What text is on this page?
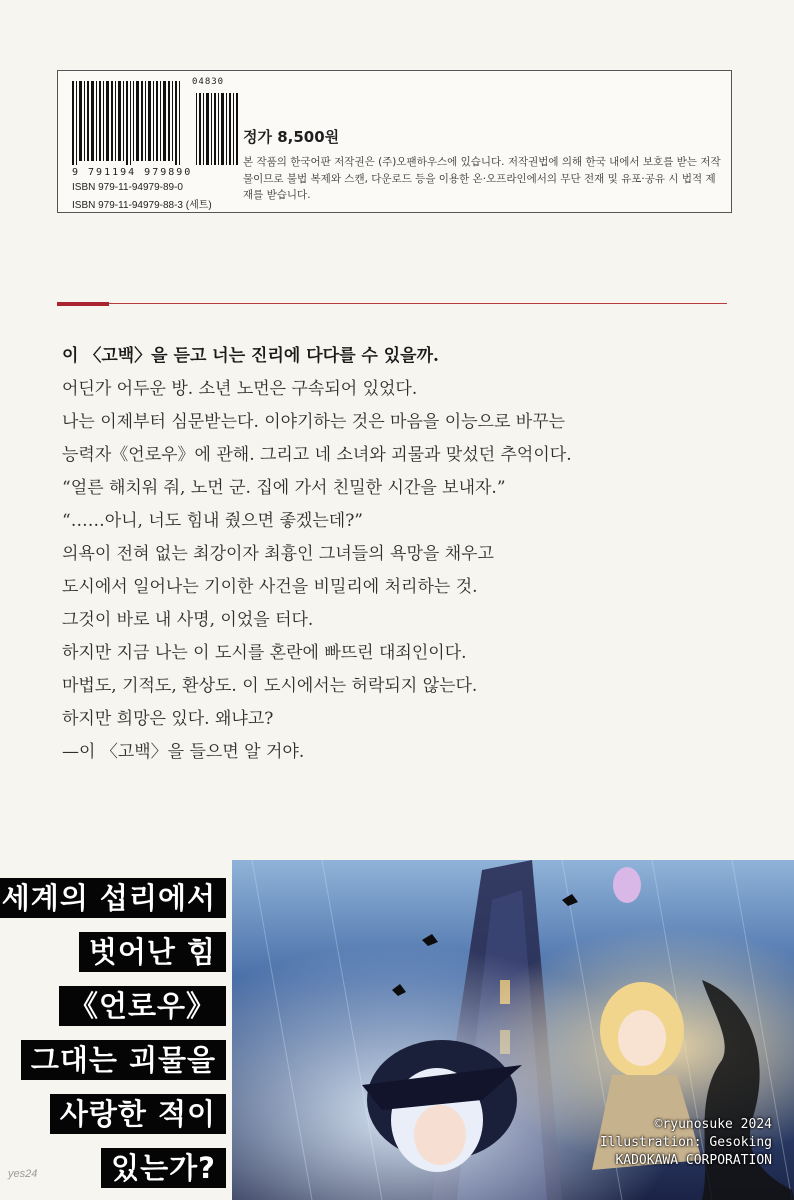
04830
9 791194 979890
ISBN 979-11-94979-89-0
ISBN 979-11-94979-88-3 (세트)
정가 8,500원
본 작품의 한국어판 저작권은 (주)오팬하우스에 있습니다. 저작권법에 의해 한국 내에서 보호를 받는 저작물이므로 불법 복제와 스캔, 다운로드 등을 이용한 온·오프라인에서의 무단 전재 및 유포·공유 시 법적 제재를 받습니다.
이 〈고백〉을 듣고 너는 진리에 다다를 수 있을까.
어딘가 어두운 방. 소년 노먼은 구속되어 있었다.
나는 이제부터 심문받는다. 이야기하는 것은 마음을 이능으로 바꾸는
능력자《언로우》에 관해. 그리고 네 소녀와 괴물과 맞섰던 추억이다.
“얼른 해치워 줘, 노먼 군. 집에 가서 친밀한 시간을 보내자.”
“……아니, 너도 힘내 줬으면 좋겠는데?”
의욕이 전혀 없는 최강이자 최흉인 그녀들의 욕망을 채우고
도시에서 일어나는 기이한 사건을 비밀리에 처리하는 것.
그것이 바로 내 사명, 이었을 터다.
하지만 지금 나는 이 도시를 혼란에 빠뜨린 대죄인이다.
마법도, 기적도, 환상도. 이 도시에서는 허락되지 않는다.
하지만 희망은 있다. 왜냐고?
—이 〈고백〉을 들으면 알 거야.
세계의 섭리에서
벗어난 힘
《언로우》
그대는 괴물을
사랑한 적이
있는가?
©ryunosuke 2024
Illustration: Gesoking
KADOKAWA CORPORATION
yes24
